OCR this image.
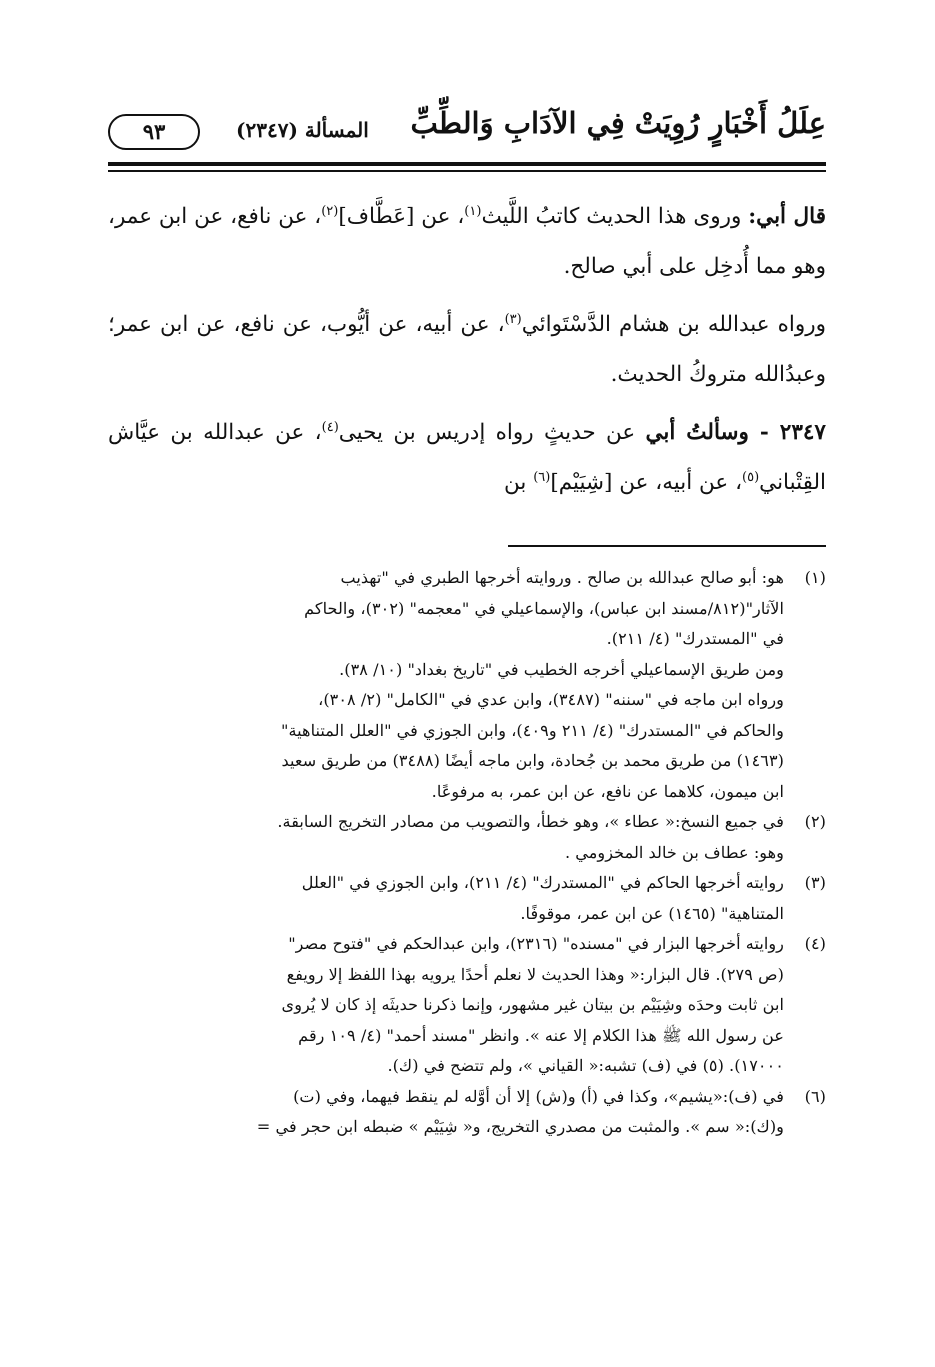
عِلَلُ أَخْبَارٍ رُوِيَتْ فِي الآدَابِ وَالطِّبِّ
المسألة (٢٣٤٧)
٩٣

قال أبي: وروى هذا الحديث كاتبُ اللَّيث$^{(١)}$، عن [عَطَّاف]$^{(٢)}$، عن نافع، عن ابن عمر، وهو مما أُدخِل على أبي صالح.

ورواه عبدالله بن هشام الدَّسْتَوائي$^{(٣)}$، عن أبيه، عن أيُّوب، عن نافع، عن ابن عمر؛ وعبدُالله متروكُ الحديث.

٢٣٤٧ - وسألتُ أبي عن حديثٍ رواه إدريس بن يحيى$^{(٤)}$، عن عبدالله بن عيَّاش القِتْباني$^{(٥)}$، عن أبيه، عن [شِيَيْم]$^{(٦)}$ بن

(١)
هو: أبو صالح عبدالله بن صالح . وروايته أخرجها الطبري في "تهذيب
الآثار"(٨١٢/مسند ابن عباس)، والإسماعيلي في "معجمه" (٣٠٢)، والحاكم
في "المستدرك" (٤/ ٢١١).
ومن طريق الإسماعيلي أخرجه الخطيب في "تاريخ بغداد" (١٠/ ٣٨).
ورواه ابن ماجه في "سننه" (٣٤٨٧)، وابن عدي في "الكامل" (٢/ ٣٠٨)،
والحاكم في "المستدرك" (٤/ ٢١١ و٤٠٩)، وابن الجوزي في "العلل المتناهية"
(١٤٦٣) من طريق محمد بن جُحادة، وابن ماجه أيضًا (٣٤٨٨) من طريق سعيد
ابن ميمون، كلاهما عن نافع، عن ابن عمر، به مرفوعًا.
(٢)
في جميع النسخ:« عطاء »، وهو خطأ، والتصويب من مصادر التخريج السابقة.
وهو: عطاف بن خالد المخزومي .
(٣)
روايته أخرجها الحاكم في "المستدرك" (٤/ ٢١١)، وابن الجوزي في "العلل
المتناهية" (١٤٦٥) عن ابن عمر، موقوفًا.
(٤)
روايته أخرجها البزار في "مسنده" (٢٣١٦)، وابن عبدالحكم في "فتوح مصر"
(ص ٢٧٩). قال البزار:« وهذا الحديث لا نعلم أحدًا يرويه بهذا اللفظ إلا رويفع
ابن ثابت وحدَه وشِيَيْم بن بيتان غير مشهور، وإنما ذكرنا حديثَه إذ كان لا يُروى
عن رسول الله ﷺ هذا الكلام إلا عنه ». وانظر "مسند أحمد" (٤/ ١٠٩ رقم
١٧٠٠٠). (٥) في (ف) تشبه:« القياني »، ولم تتضح في (ك).
(٦)
في (ف):«يشيم»، وكذا في (أ) و(ش) إلا أن أوَّله لم ينقط فيهما، وفي (ت)
و(ك):« سم ». والمثبت من مصدري التخريج، و« شِيَيْم » ضبطه ابن حجر في =
